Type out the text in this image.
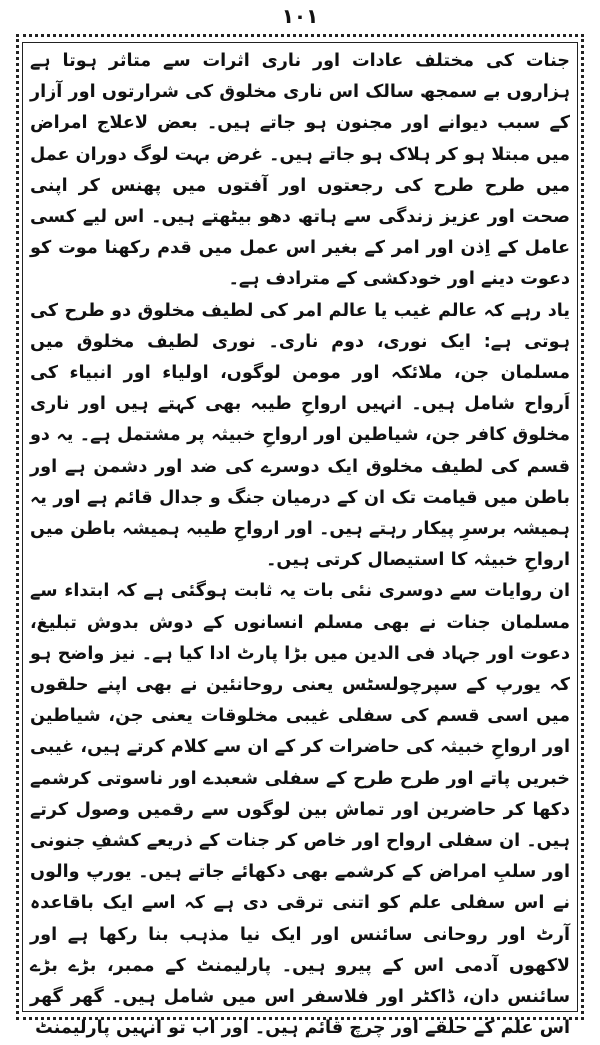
١٠١

جنات کی مختلف عادات اور ناری اثرات سے متاثر ہوتا ہے ہزاروں بے سمجھ سالک اس ناری مخلوق کی شرارتوں اور آزار کے سبب دیوانے اور مجنون ہو جاتے ہیں۔ بعض لاعلاج امراض میں مبتلا ہو کر ہلاک ہو جاتے ہیں۔ غرض بہت لوگ دوران عمل میں طرح طرح کی رجعتوں اور آفتوں میں پھنس کر اپنی صحت اور عزیز زندگی سے ہاتھ دھو بیٹھتے ہیں۔ اس لیے کسی عامل کے اِذن اور امر کے بغیر اس عمل میں قدم رکھنا موت کو دعوت دینے اور خودکشی کے مترادف ہے۔

یاد رہے کہ عالم غیب یا عالم امر کی لطیف مخلوق دو طرح کی ہوتی ہے: ایک نوری، دوم ناری۔ نوری لطیف مخلوق میں مسلمان جن، ملائکہ اور مومن لوگوں، اولیاء اور انبیاء کی اَرواح شامل ہیں۔ انہیں ارواحِ طیبہ بھی کہتے ہیں اور ناری مخلوق کافر جن، شیاطین اور ارواحِ خبیثہ پر مشتمل ہے۔ یہ دو قسم کی لطیف مخلوق ایک دوسرے کی ضد اور دشمن ہے اور باطن میں قیامت تک ان کے درمیان جنگ و جدال قائم ہے اور یہ ہمیشہ برسرِ پیکار رہتے ہیں۔ اور ارواحِ طیبہ ہمیشہ باطن میں ارواحِ خبیثہ کا استیصال کرتی ہیں۔

ان روایات سے دوسری نئی بات یہ ثابت ہوگئی ہے کہ ابتداء سے مسلمان جنات نے بھی مسلم انسانوں کے دوش بدوش تبلیغ، دعوت اور جہاد فی الدین میں بڑا پارٹ ادا کیا ہے۔ نیز واضح ہو کہ یورپ کے سپرچولسٹس یعنی روحانئین نے بھی اپنے حلقوں میں اسی قسم کی سفلی غیبی مخلوقات یعنی جن، شیاطین اور ارواحِ خبیثہ کی حاضرات کر کے ان سے کلام کرتے ہیں، غیبی خبریں پاتے اور طرح طرح کے سفلی شعبدے اور ناسوتی کرشمے دکھا کر حاضرین اور تماش بین لوگوں سے رقمیں وصول کرتے ہیں۔ ان سفلی ارواح اور خاص کر جنات کے ذریعے کشفِ جنونی اور سلبِ امراض کے کرشمے بھی دکھائے جاتے ہیں۔ یورپ والوں نے اس سفلی علم کو اتنی ترقی دی ہے کہ اسے ایک باقاعدہ آرٹ اور روحانی سائنس اور ایک نیا مذہب بنا رکھا ہے اور لاکھوں آدمی اس کے پیرو ہیں۔ پارلیمنٹ کے ممبر، بڑے بڑے سائنس دان، ڈاکٹر اور فلاسفر اس میں شامل ہیں۔ گھر گھر اس علم کے حلقے اور چرچ قائم ہیں۔ اور اب تو انہیں پارلیمنٹ
